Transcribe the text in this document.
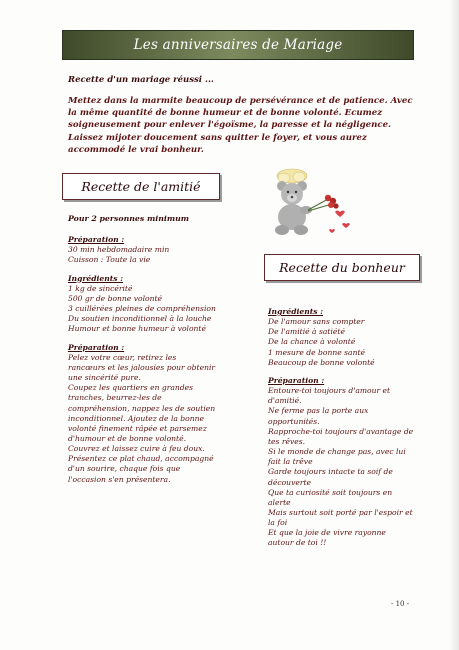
Les anniversaires de Mariage
Recette d'un mariage réussi ...

Mettez dans la marmite beaucoup de persévérance et de patience. Avec la même quantité de bonne humeur et de bonne volonté. Ecumez soigneusement pour enlever l'égoïsme, la paresse et la négligence. Laissez mijoter doucement sans quitter le foyer, et vous aurez accommodé le vrai bonheur.

Recette de l'amitié
Pour 2 personnes minimum
Préparation :
30 min hebdomadaire min
Cuisson : Toute la vie
Ingrédients :
1 kg de sincérité
500 gr de bonne volonté
3 cuillérées pleines de compréhension
Du soutien inconditionnel à la louche
Humour et bonne humeur à volonté
Préparation :
Pelez votre cœur, retirez les
rancœurs et les jalousies pour obtenir
une sincérité pure.
Coupez les quartiers en grandes
tranches, beurrez-les de
compréhension, nappez les de soutien
inconditionnel. Ajoutez de la bonne
volonté finement râpée et parsemez
d'humour et de bonne volonté.
Couvrez et laissez cuire à feu doux.
Présentez ce plat chaud, accompagné
d'un sourire, chaque fois que
l'occasion s'en présentera.
Recette du bonheur
Ingrédients :
De l'amour sans compter
De l'amitié à satiété
De la chance à volonté
1 mesure de bonne santé
Beaucoup de bonne volonté
Préparation :
Entoure-toi toujours d'amour et
d'amitié.
Ne ferme pas la porte aux
opportunités.
Rapproche-toi toujours d'avantage de
tes rêves.
Si le monde de change pas, avec lui
fait la trêve
Garde toujours intacte ta soif de
découverte
Que ta curiosité soit toujours en
alerte
Mais surtout soit porté par l'espoir et
la foi
Et que la joie de vivre rayonne
autour de toi !!
- 10 -
